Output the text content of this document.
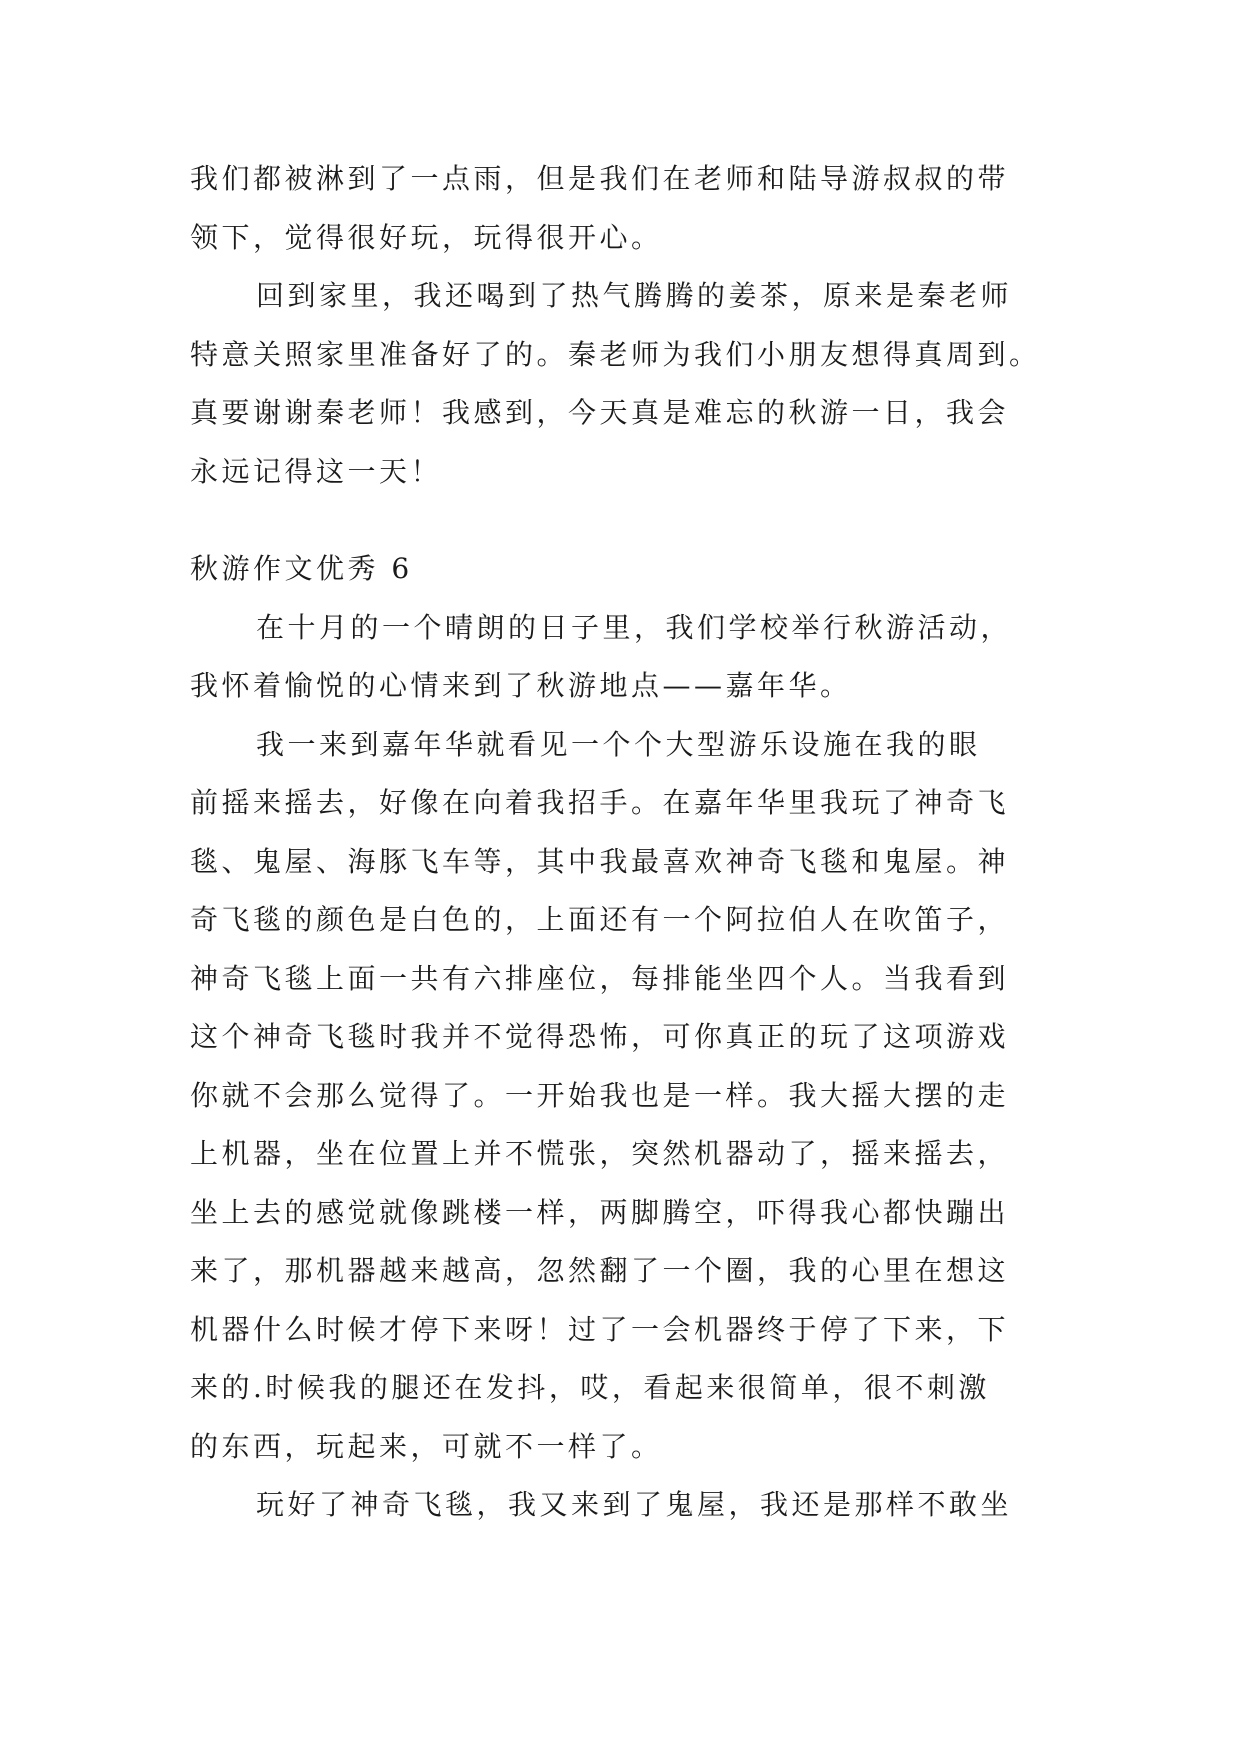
我们都被淋到了一点雨，但是我们在老师和陆导游叔叔的带
领下，觉得很好玩，玩得很开心。
回到家里，我还喝到了热气腾腾的姜茶，原来是秦老师
特意关照家里准备好了的。秦老师为我们小朋友想得真周到。
真要谢谢秦老师！我感到，今天真是难忘的秋游一日，我会
永远记得这一天！
秋游作文优秀 6
在十月的一个晴朗的日子里，我们学校举行秋游活动，
我怀着愉悦的心情来到了秋游地点——嘉年华。
我一来到嘉年华就看见一个个大型游乐设施在我的眼
前摇来摇去，好像在向着我招手。在嘉年华里我玩了神奇飞
毯、鬼屋、海豚飞车等，其中我最喜欢神奇飞毯和鬼屋。神
奇飞毯的颜色是白色的，上面还有一个阿拉伯人在吹笛子，
神奇飞毯上面一共有六排座位，每排能坐四个人。当我看到
这个神奇飞毯时我并不觉得恐怖，可你真正的玩了这项游戏
你就不会那么觉得了。一开始我也是一样。我大摇大摆的走
上机器，坐在位置上并不慌张，突然机器动了，摇来摇去，
坐上去的感觉就像跳楼一样，两脚腾空，吓得我心都快蹦出
来了，那机器越来越高，忽然翻了一个圈，我的心里在想这
机器什么时候才停下来呀！过了一会机器终于停了下来，下
来的.时候我的腿还在发抖，哎，看起来很简单，很不刺激
的东西，玩起来，可就不一样了。
玩好了神奇飞毯，我又来到了鬼屋，我还是那样不敢坐
